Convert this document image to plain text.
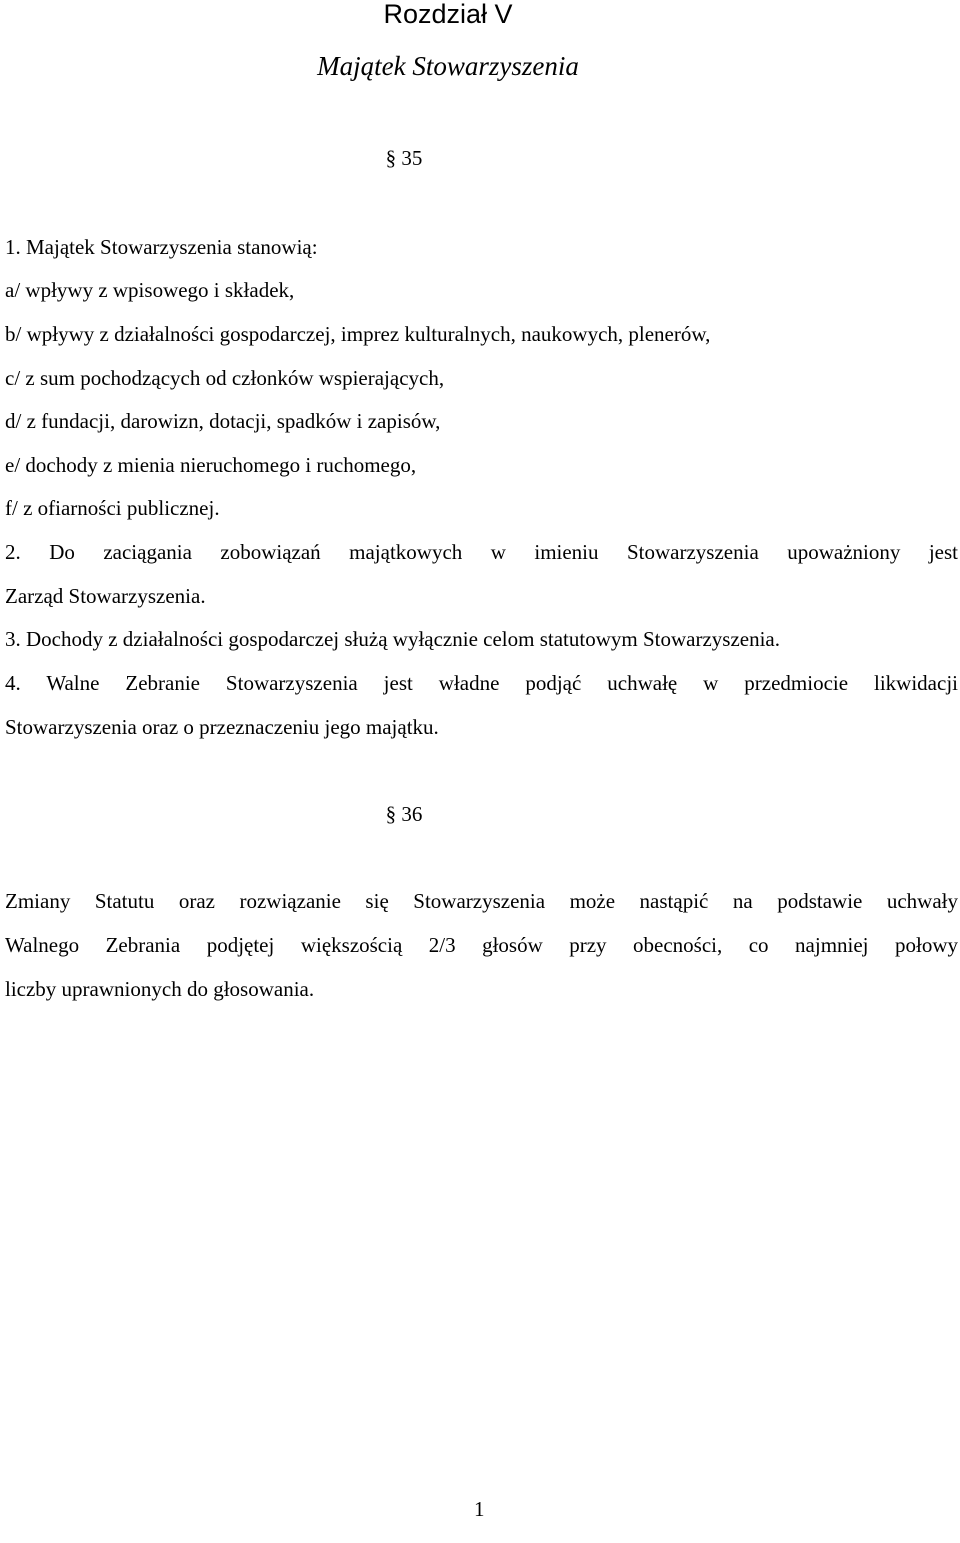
Rozdział V
Majątek Stowarzyszenia
§ 35
1. Majątek Stowarzyszenia stanowią:
a/ wpływy z wpisowego i składek,
b/ wpływy z działalności gospodarczej, imprez kulturalnych, naukowych, plenerów,
c/ z sum pochodzących od członków wspierających,
d/ z fundacji, darowizn, dotacji, spadków i zapisów,
e/ dochody z mienia nieruchomego i ruchomego,
f/ z ofiarności publicznej.
2. Do zaciągania zobowiązań majątkowych w imieniu Stowarzyszenia upoważniony jest
Zarząd Stowarzyszenia.
3. Dochody z działalności gospodarczej służą wyłącznie celom statutowym Stowarzyszenia.
4. Walne Zebranie Stowarzyszenia jest władne podjąć uchwałę w przedmiocie likwidacji
Stowarzyszenia oraz o przeznaczeniu jego majątku.
§ 36
Zmiany Statutu oraz rozwiązanie się Stowarzyszenia może nastąpić na podstawie uchwały
Walnego Zebrania podjętej większością 2/3 głosów przy obecności, co najmniej połowy
liczby uprawnionych do głosowania.
1
